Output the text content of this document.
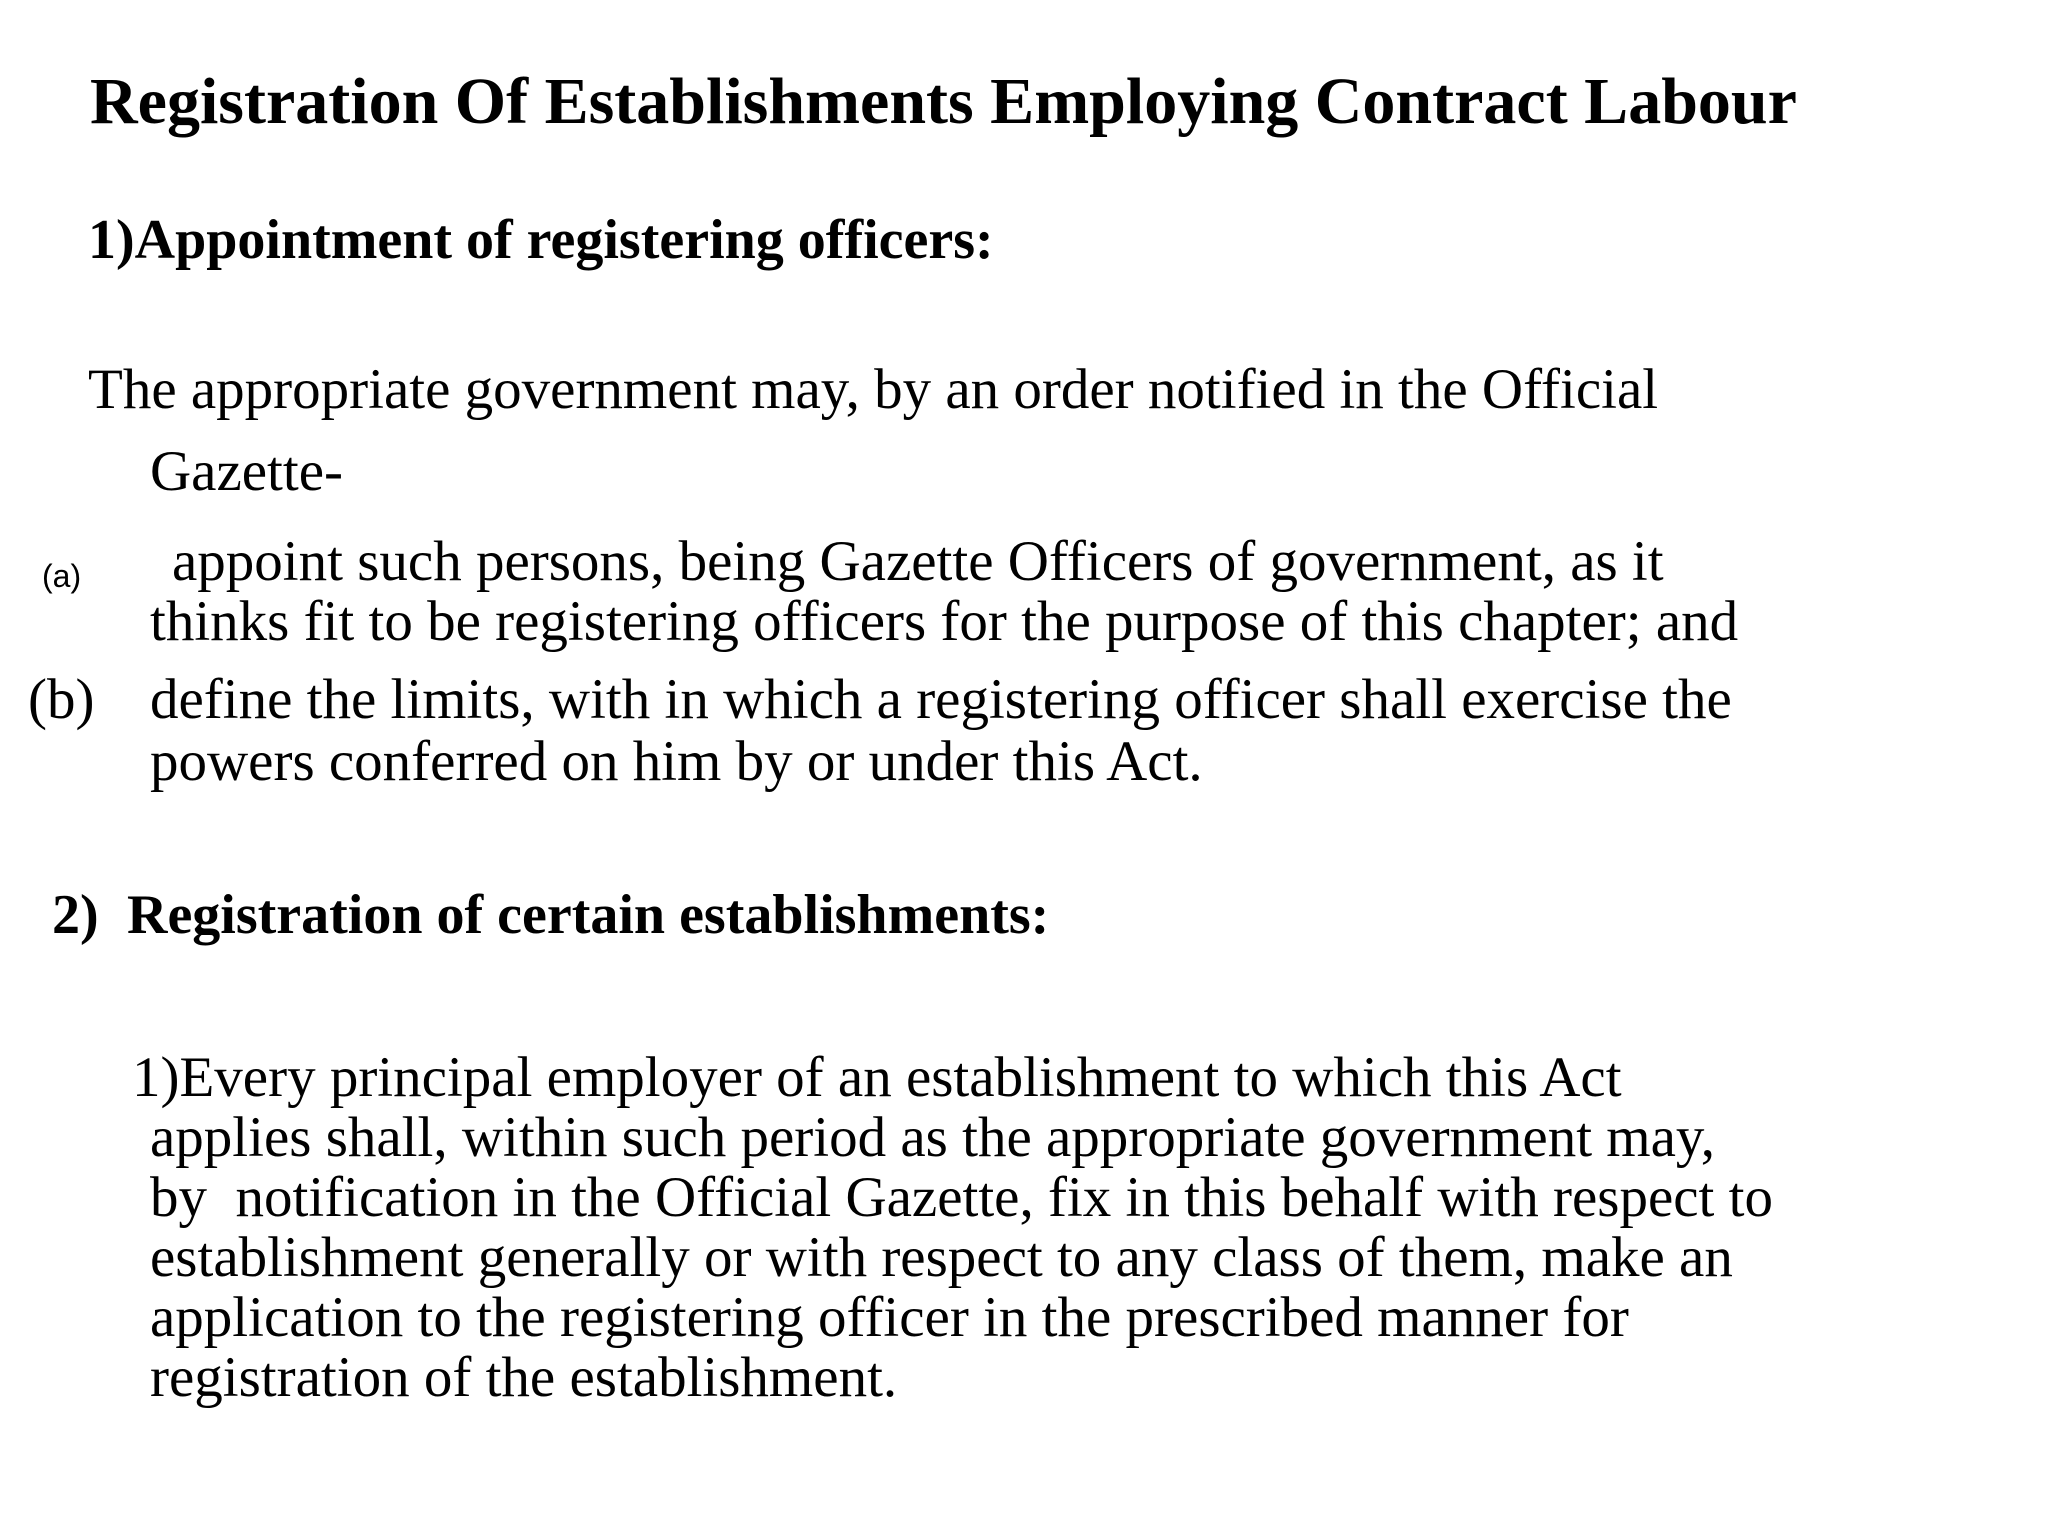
Registration Of Establishments Employing Contract Labour
1)Appointment of registering officers:

The appropriate government may, by an order notified in the Official

Gazette-

(a) appoint such persons, being Gazette Officers of government, as it

thinks fit to be registering officers for the purpose of this chapter; and

(b) define the limits, with in which a registering officer shall exercise the

powers conferred on him by or under this Act.

2) Registration of certain establishments:

1)Every principal employer of an establishment to which this Act

applies shall, within such period as the appropriate government may,

by  notification in the Official Gazette, fix in this behalf with respect to

establishment generally or with respect to any class of them, make an

application to the registering officer in the prescribed manner for

registration of the establishment.
